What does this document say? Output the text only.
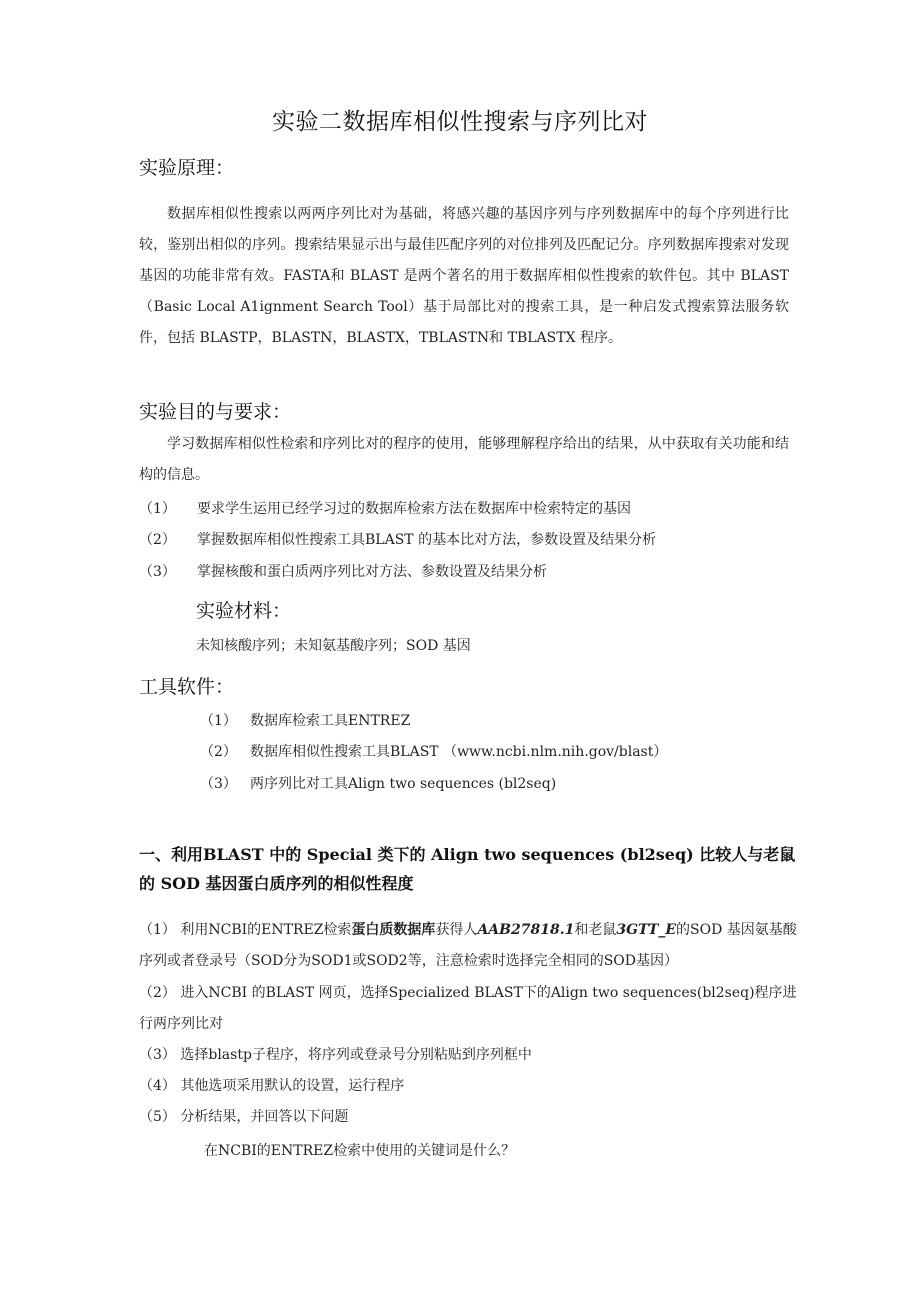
实验二数据库相似性搜索与序列比对
实验原理：

数据库相似性搜索以两两序列比对为基础，将感兴趣的基因序列与序列数据库中的每个序列进行比较，鉴别出相似的序列。搜索结果显示出与最佳匹配序列的对位排列及匹配记分。序列数据库搜索对发现基因的功能非常有效。FASTA和 BLAST 是两个著名的用于数据库相似性搜索的软件包。其中 BLAST（Basic Local A1ignment Search Tool）基于局部比对的搜索工具，是一种启发式搜索算法服务软件，包括 BLASTP，BLASTN，BLASTX，TBLASTN和 TBLASTX 程序。

实验目的与要求：

学习数据库相似性检索和序列比对的程序的使用，能够理解程序给出的结果，从中获取有关功能和结构的信息。

（1） 要求学生运用已经学习过的数据库检索方法在数据库中检索特定的基因
（2） 掌握数据库相似性搜索工具BLAST 的基本比对方法，参数设置及结果分析
（3） 掌握核酸和蛋白质两序列比对方法、参数设置及结果分析
实验材料：
未知核酸序列；未知氨基酸序列；SOD 基因
工具软件：
（1） 数据库检索工具ENTREZ
（2） 数据库相似性搜索工具BLAST （www.ncbi.nlm.nih.gov/blast）
（3） 两序列比对工具Align two sequences (bl2seq)

一、利用BLAST 中的 Special 类下的 Align two sequences (bl2seq) 比较人与老鼠的 SOD 基因蛋白质序列的相似性程度

（1） 利用NCBI的ENTREZ检索蛋白质数据库获得人AAB27818.1和老鼠3GTT_E的SOD 基因氨基酸序列或者登录号（SOD分为SOD1或SOD2等，注意检索时选择完全相同的SOD基因）

（2） 进入NCBI 的BLAST 网页，选择Specialized BLAST下的Align two sequences(bl2seq)程序进行两序列比对

（3） 选择blastp子程序，将序列或登录号分别粘贴到序列框中

（4） 其他选项采用默认的设置，运行程序

（5） 分析结果，并回答以下问题

在NCBI的ENTREZ检索中使用的关键词是什么？
